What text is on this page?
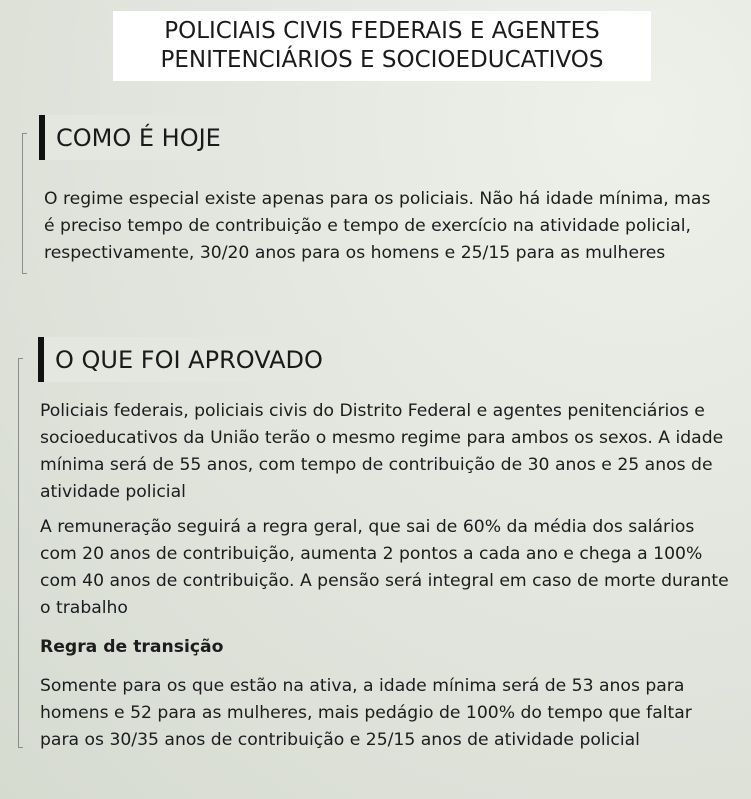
POLICIAIS CIVIS FEDERAIS E AGENTES
PENITENCIÁRIOS E SOCIOEDUCATIVOS
COMO É HOJE

O regime especial existe apenas para os policiais. Não há idade mínima, mas é preciso tempo de contribuição e tempo de exercício na atividade policial, respectivamente, 30/20 anos para os homens e 25/15 para as mulheres

O QUE FOI APROVADO

Policiais federais, policiais civis do Distrito Federal e agentes penitenciários e socioeducativos da União terão o mesmo regime para ambos os sexos. A idade mínima será de 55 anos, com tempo de contribuição de 30 anos e 25 anos de atividade policial

A remuneração seguirá a regra geral, que sai de 60% da média dos salários com 20 anos de contribuição, aumenta 2 pontos a cada ano e chega a 100% com 40 anos de contribuição. A pensão será integral em caso de morte durante o trabalho

Regra de transição

Somente para os que estão na ativa, a idade mínima será de 53 anos para homens e 52 para as mulheres, mais pedágio de 100% do tempo que faltar para os 30/35 anos de contribuição e 25/15 anos de atividade policial
